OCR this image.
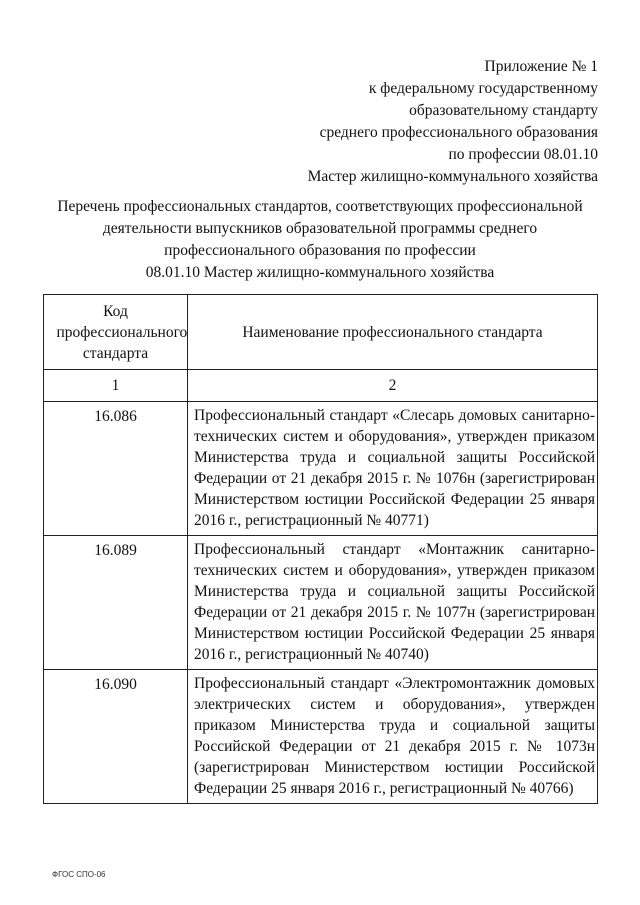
Приложение № 1
к федеральному государственному
образовательному стандарту
среднего профессионального образования
по профессии 08.01.10
Мастер жилищно-коммунального хозяйства
Перечень профессиональных стандартов, соответствующих профессиональной
деятельности выпускников образовательной программы среднего
профессионального образования по профессии
08.01.10 Мастер жилищно-коммунального хозяйства
Код профессионального стандарта	Наименование профессионального стандарта
1	2
16.086	Профессиональный стандарт «Слесарь домовых санитарно-технических систем и оборудования», утвержден приказом Министерства труда и социальной защиты Российской Федерации от 21 декабря 2015 г. № 1076н (зарегистрирован Министерством юстиции Российской Федерации 25 января 2016 г., регистрационный № 40771)
16.089	Профессиональный стандарт «Монтажник санитарно-технических систем и оборудования», утвержден приказом Министерства труда и социальной защиты Российской Федерации от 21 декабря 2015 г. № 1077н (зарегистрирован Министерством юстиции Российской Федерации 25 января 2016 г., регистрационный № 40740)
16.090	Профессиональный стандарт «Электромонтажник домовых электрических систем и оборудования», утвержден приказом Министерства труда и социальной защиты Российской Федерации от 21 декабря 2015 г. № 1073н (зарегистрирован Министерством юстиции Российской Федерации 25 января 2016 г., регистрационный № 40766)
ФГОС СПО-06
